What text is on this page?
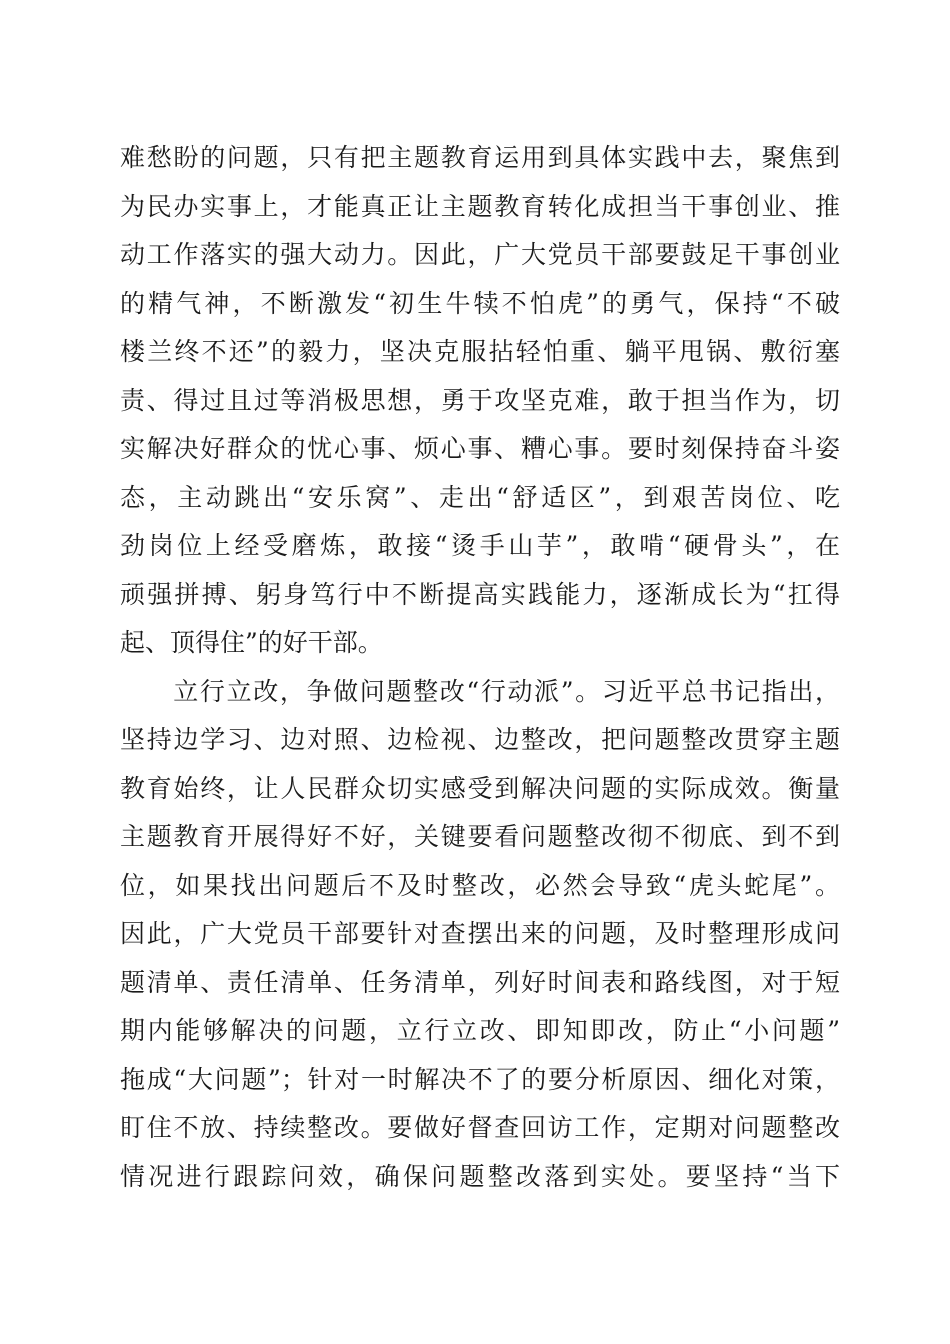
难愁盼的问题，只有把主题教育运用到具体实践中去，聚焦到
为民办实事上，才能真正让主题教育转化成担当干事创业、推
动工作落实的强大动力。因此，广大党员干部要鼓足干事创业
的精气神，不断激发“初生牛犊不怕虎”的勇气，保持“不破
楼兰终不还”的毅力，坚决克服拈轻怕重、躺平甩锅、敷衍塞
责、得过且过等消极思想，勇于攻坚克难，敢于担当作为，切
实解决好群众的忧心事、烦心事、糟心事。要时刻保持奋斗姿
态，主动跳出“安乐窝”、走出“舒适区”，到艰苦岗位、吃
劲岗位上经受磨炼，敢接“烫手山芋”，敢啃“硬骨头”，在
顽强拼搏、躬身笃行中不断提高实践能力，逐渐成长为“扛得
起、顶得住”的好干部。
　　立行立改，争做问题整改“行动派”。习近平总书记指出，
坚持边学习、边对照、边检视、边整改，把问题整改贯穿主题
教育始终，让人民群众切实感受到解决问题的实际成效。衡量
主题教育开展得好不好，关键要看问题整改彻不彻底、到不到
位，如果找出问题后不及时整改，必然会导致“虎头蛇尾”。
因此，广大党员干部要针对查摆出来的问题，及时整理形成问
题清单、责任清单、任务清单，列好时间表和路线图，对于短
期内能够解决的问题，立行立改、即知即改，防止“小问题”
拖成“大问题”；针对一时解决不了的要分析原因、细化对策，
盯住不放、持续整改。要做好督查回访工作，定期对问题整改
情况进行跟踪问效，确保问题整改落到实处。要坚持“当下
